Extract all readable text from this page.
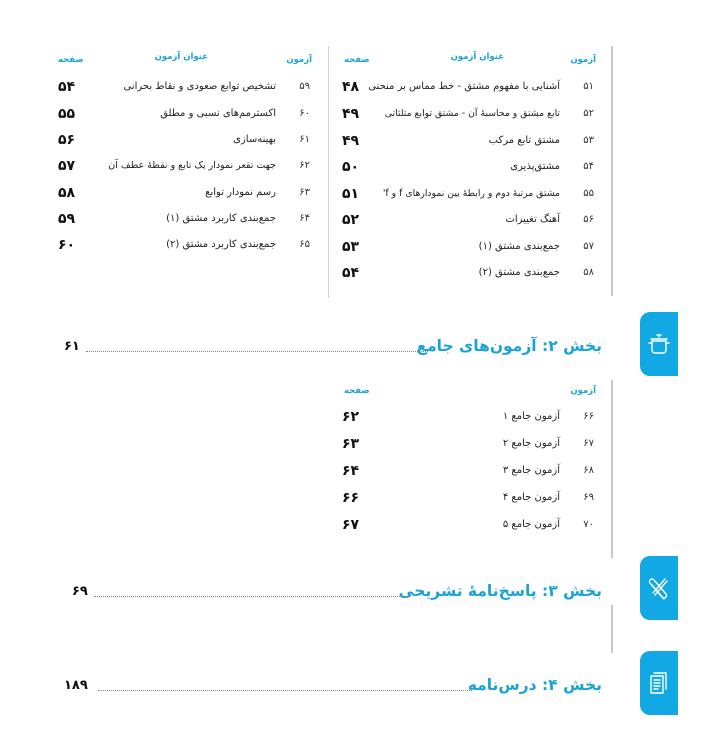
آزمون
عنوان آزمون
صفحه
آزمون
عنوان آزمون
صفحه
۵۱
آشنایی با مفهوم مشتق - خط مماس بر منحنی
۴۸
۵۲
تابع مشتق و محاسبهٔ آن - مشتق توابع مثلثاتی
۴۹
۵۳
مشتق تابع مرکب
۴۹
۵۴
مشتق‌پذیری
۵۰
۵۵
مشتق مرتبهٔ دوم و رابطهٔ بین نمودارهای f و f'
۵۱
۵۶
آهنگ تغییرات
۵۲
۵۷
جمع‌بندی مشتق (۱)
۵۳
۵۸
جمع‌بندی مشتق (۲)
۵۴
۵۹
تشخیص توابع صعودی و نقاط بحرانی
۵۴
۶۰
اکسترمم‌های نسبی و مطلق
۵۵
۶۱
بهینه‌سازی
۵۶
۶۲
جهت تقعر نمودار یک تابع و نقطهٔ عطف آن
۵۷
۶۳
رسم نمودار توابع
۵۸
۶۴
جمع‌بندی کاربرد مشتق (۱)
۵۹
۶۵
جمع‌بندی کاربرد مشتق (۲)
۶۰
بخش ۲: آزمون‌های جامع
۶۱
آزمون
صفحه
۶۶
آزمون جامع ۱
۶۲
۶۷
آزمون جامع ۲
۶۳
۶۸
آزمون جامع ۳
۶۴
۶۹
آزمون جامع ۴
۶۶
۷۰
آزمون جامع ۵
۶۷
بخش ۳: پاسخ‌نامهٔ تشریحی
۶۹
بخش ۴: درس‌نامه
۱۸۹
